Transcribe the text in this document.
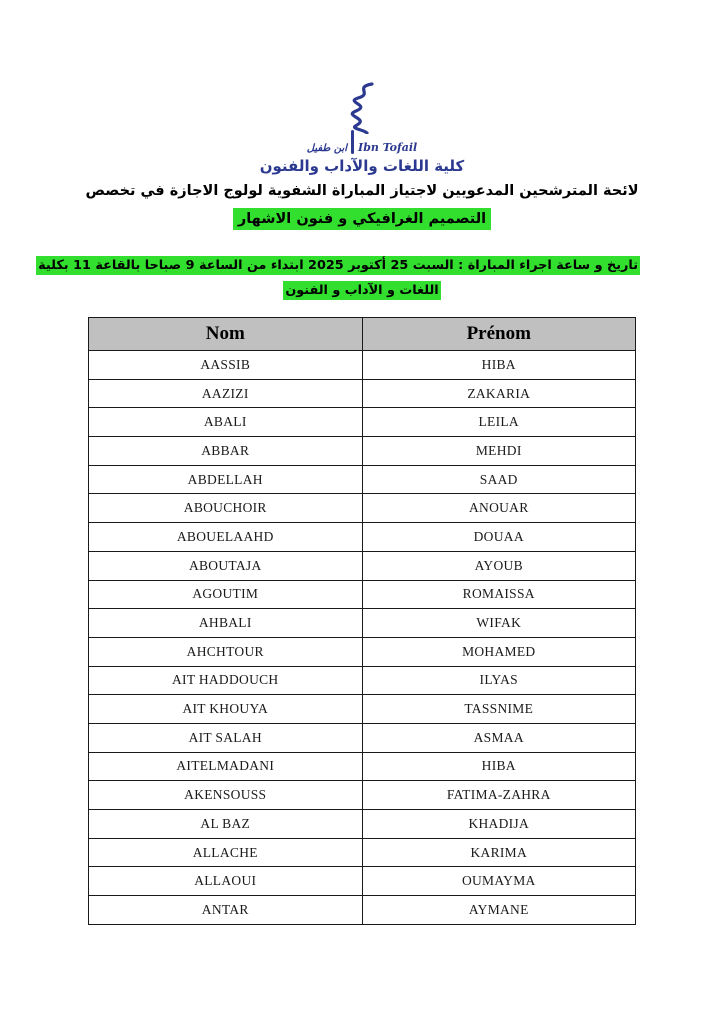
ابن طفيل Ibn Tofail
كلية اللغات والآداب والفنون
لائحة المترشحين المدعويين لاجتياز المباراة الشفوية لولوج الاجازة في تخصص
التصميم الغرافيكي و فنون الاشهار
تاريخ و ساعة اجراء المباراة : السبت 25 أكتوبر 2025 ابتداء من الساعة 9 صباحا بالقاعة 11 بكلية
اللغات و الآداب و الفنون
Nom	Prénom
AASSIB	HIBA
AAZIZI	ZAKARIA
ABALI	LEILA
ABBAR	MEHDI
ABDELLAH	SAAD
ABOUCHOIR	ANOUAR
ABOUELAAHD	DOUAA
ABOUTAJA	AYOUB
AGOUTIM	ROMAISSA
AHBALI	WIFAK
AHCHTOUR	MOHAMED
AIT HADDOUCH	ILYAS
AIT KHOUYA	TASSNIME
AIT SALAH	ASMAA
AITELMADANI	HIBA
AKENSOUSS	FATIMA-ZAHRA
AL BAZ	KHADIJA
ALLACHE	KARIMA
ALLAOUI	OUMAYMA
ANTAR	AYMANE
